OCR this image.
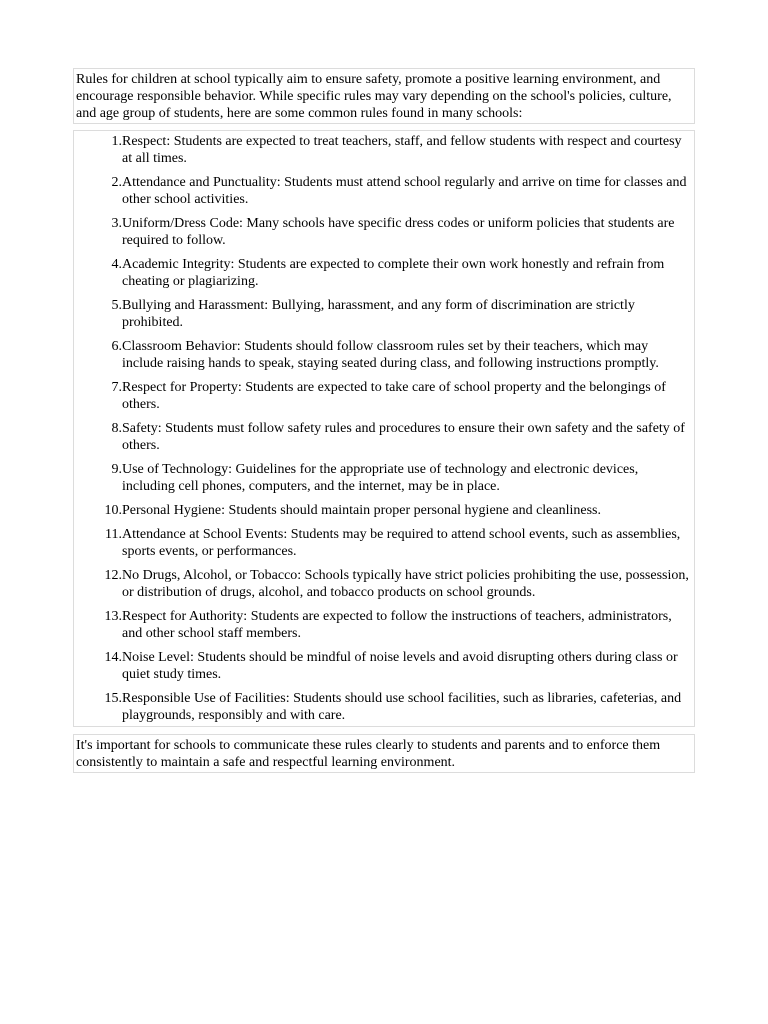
Rules for children at school typically aim to ensure safety, promote a positive learning environment, and encourage responsible behavior. While specific rules may vary depending on the school's policies, culture, and age group of students, here are some common rules found in many schools:

1. Respect: Students are expected to treat teachers, staff, and fellow students with respect and courtesy at all times.
2. Attendance and Punctuality: Students must attend school regularly and arrive on time for classes and other school activities.
3. Uniform/Dress Code: Many schools have specific dress codes or uniform policies that students are required to follow.
4. Academic Integrity: Students are expected to complete their own work honestly and refrain from cheating or plagiarizing.
5. Bullying and Harassment: Bullying, harassment, and any form of discrimination are strictly prohibited.
6. Classroom Behavior: Students should follow classroom rules set by their teachers, which may include raising hands to speak, staying seated during class, and following instructions promptly.
7. Respect for Property: Students are expected to take care of school property and the belongings of others.
8. Safety: Students must follow safety rules and procedures to ensure their own safety and the safety of others.
9. Use of Technology: Guidelines for the appropriate use of technology and electronic devices, including cell phones, computers, and the internet, may be in place.
10. Personal Hygiene: Students should maintain proper personal hygiene and cleanliness.
11. Attendance at School Events: Students may be required to attend school events, such as assemblies, sports events, or performances.
12. No Drugs, Alcohol, or Tobacco: Schools typically have strict policies prohibiting the use, possession, or distribution of drugs, alcohol, and tobacco products on school grounds.
13. Respect for Authority: Students are expected to follow the instructions of teachers, administrators, and other school staff members.
14. Noise Level: Students should be mindful of noise levels and avoid disrupting others during class or quiet study times.
15. Responsible Use of Facilities: Students should use school facilities, such as libraries, cafeterias, and playgrounds, responsibly and with care.

It's important for schools to communicate these rules clearly to students and parents and to enforce them consistently to maintain a safe and respectful learning environment.
